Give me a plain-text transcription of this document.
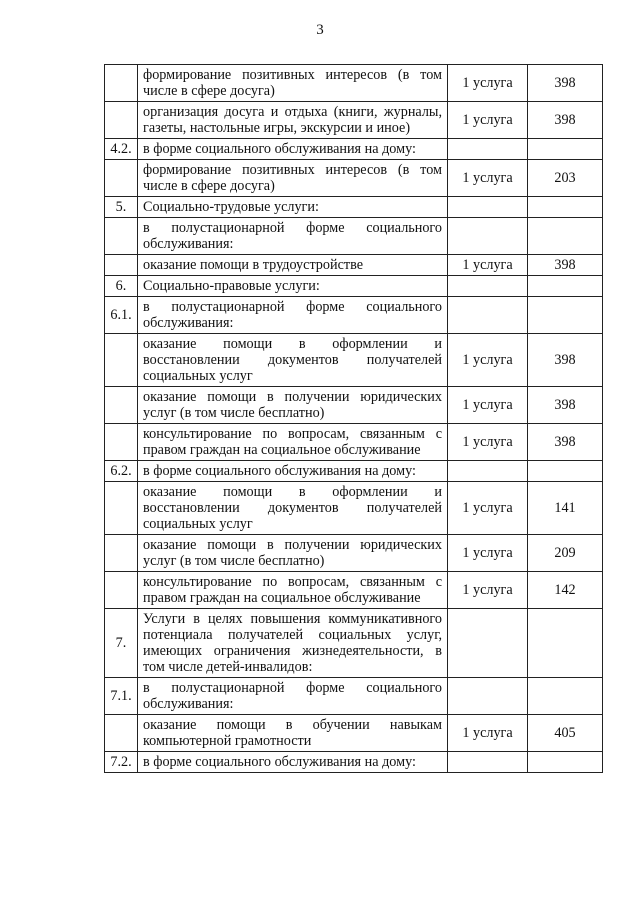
3
	формирование позитивных интересов (в том числе в сфере досуга)	1 услуга	398
	организация досуга и отдыха (книги, журналы, газеты, настольные игры, экскурсии и иное)	1 услуга	398
4.2.	в форме социального обслуживания на дому:		
	формирование позитивных интересов (в том числе в сфере досуга)	1 услуга	203
5.	Социально-трудовые услуги:		
	в полустационарной форме социального обслуживания:		
	оказание помощи в трудоустройстве	1 услуга	398
6.	Социально-правовые услуги:		
6.1.	в полустационарной форме социального обслуживания:		
	оказание помощи в оформлении и восстановлении документов получателей социальных услуг	1 услуга	398
	оказание помощи в получении юридических услуг (в том числе бесплатно)	1 услуга	398
	консультирование по вопросам, связанным с правом граждан на социальное обслуживание	1 услуга	398
6.2.	в форме социального обслуживания на дому:		
	оказание помощи в оформлении и восстановлении документов получателей социальных услуг	1 услуга	141
	оказание помощи в получении юридических услуг (в том числе бесплатно)	1 услуга	209
	консультирование по вопросам, связанным с правом граждан на социальное обслуживание	1 услуга	142
7.	Услуги в целях повышения коммуникативного потенциала получателей социальных услуг, имеющих ограничения жизнедеятельности, в том числе детей-инвалидов:		
7.1.	в полустационарной форме социального обслуживания:		
	оказание помощи в обучении навыкам компьютерной грамотности	1 услуга	405
7.2.	в форме социального обслуживания на дому:		
